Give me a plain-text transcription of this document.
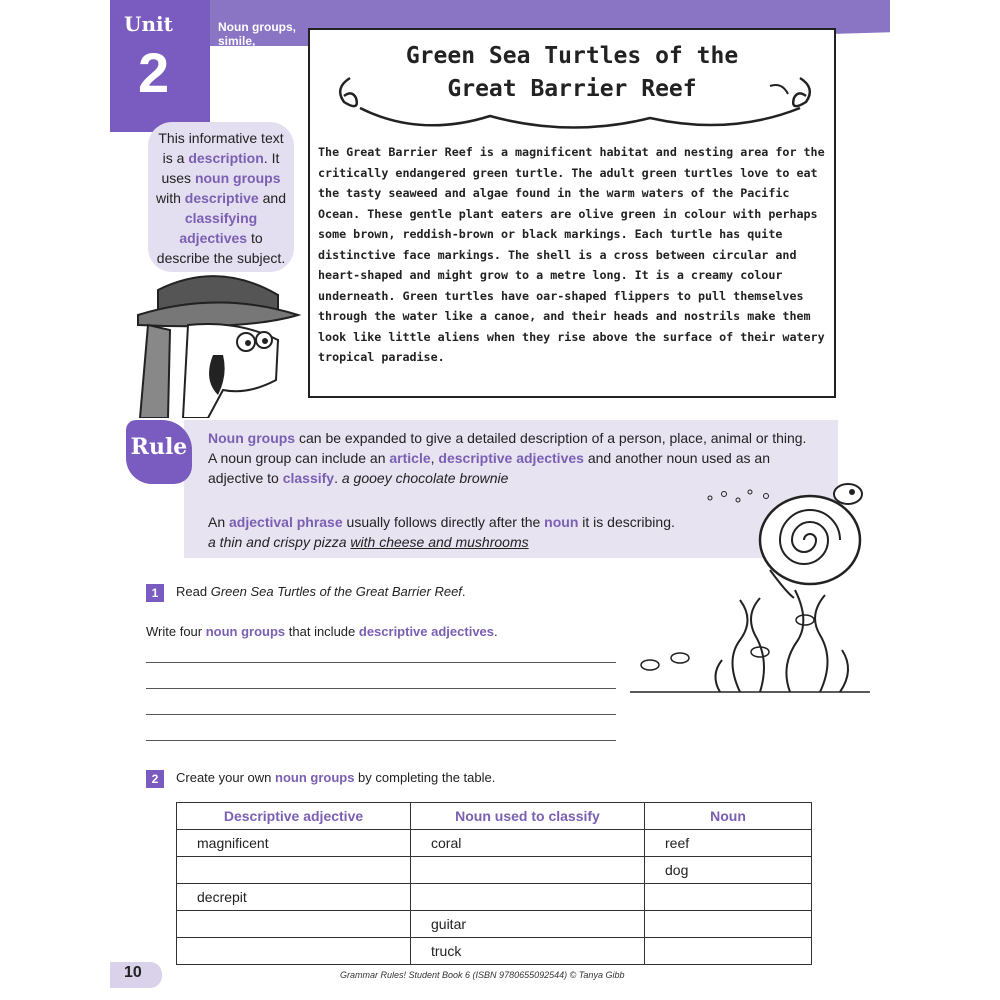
Unit
2
Noun groups, simile, objective and subjective language
This informative text is a description. It uses noun groups with descriptive and classifying adjectives to describe the subject.
Green Sea Turtles of the
Great Barrier Reef
The Great Barrier Reef is a magnificent habitat and nesting area for the critically endangered green turtle. The adult green turtles love to eat the tasty seaweed and algae found in the warm waters of the Pacific Ocean. These gentle plant eaters are olive green in colour with perhaps some brown, reddish-brown or black markings. Each turtle has quite distinctive face markings. The shell is a cross between circular and heart-shaped and might grow to a metre long. It is a creamy colour underneath. Green turtles have oar-shaped flippers to pull themselves through the water like a canoe, and their heads and nostrils make them look like little aliens when they rise above the surface of their watery tropical paradise.
Rule Noun groups can be expanded to give a detailed description of a person, place, animal or thing. A noun group can include an article, descriptive adjectives and another noun used as an adjective to classify. a gooey chocolate brownie
An adjectival phrase usually follows directly after the noun it is describing.
a thin and crispy pizza with cheese and mushrooms
1	Read Green Sea Turtles of the Great Barrier Reef.
Write four noun groups that include descriptive adjectives.
2	Create your own noun groups by completing the table.
Descriptive adjective	Noun used to classify	Noun
magnificent	coral	reef
		dog
decrepit		
	guitar	
	truck	
10	Grammar Rules! Student Book 6 (ISBN 9780655092544) © Tanya Gibb
